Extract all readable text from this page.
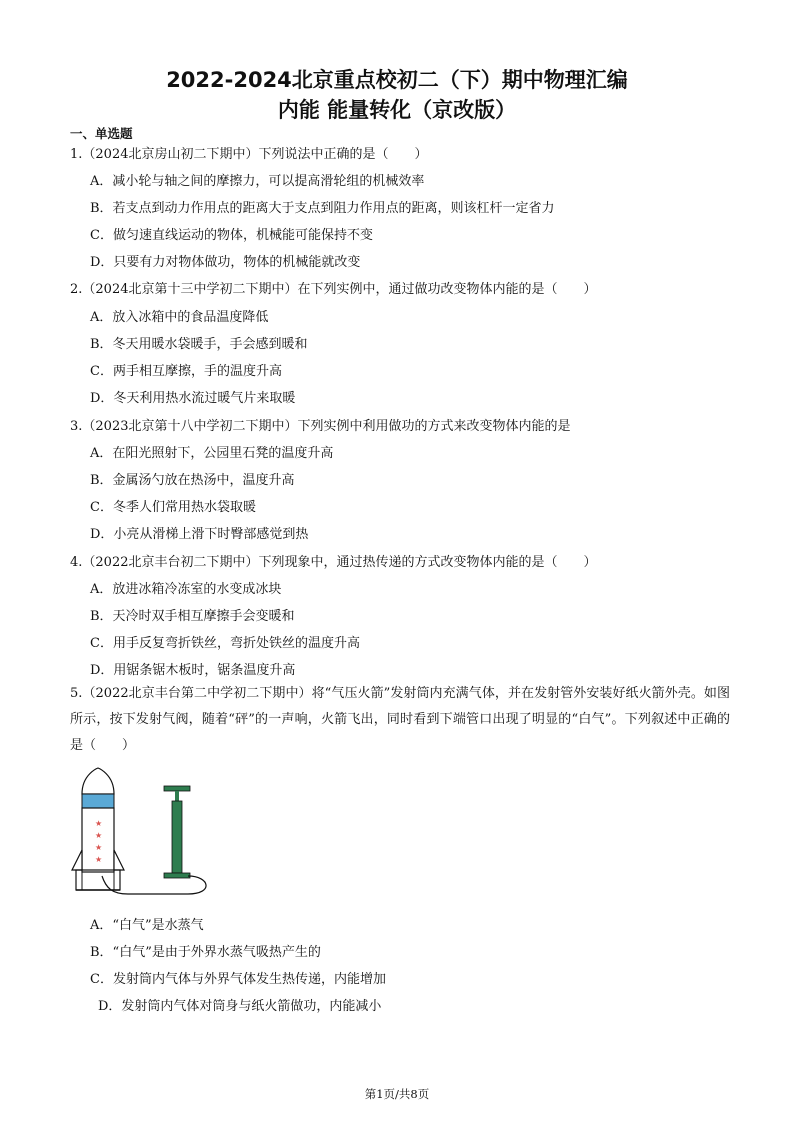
2022-2024北京重点校初二（下）期中物理汇编
内能 能量转化（京改版）
一、单选题
1.（2024北京房山初二下期中）下列说法中正确的是（　　）
A．减小轮与轴之间的摩擦力，可以提高滑轮组的机械效率
B．若支点到动力作用点的距离大于支点到阻力作用点的距离，则该杠杆一定省力
C．做匀速直线运动的物体，机械能可能保持不变
D．只要有力对物体做功，物体的机械能就改变
2.（2024北京第十三中学初二下期中）在下列实例中，通过做功改变物体内能的是（　　）
A．放入冰箱中的食品温度降低
B．冬天用暖水袋暖手，手会感到暖和
C．两手相互摩擦，手的温度升高
D．冬天利用热水流过暖气片来取暖
3.（2023北京第十八中学初二下期中）下列实例中利用做功的方式来改变物体内能的是
A．在阳光照射下，公园里石凳的温度升高
B．金属汤勺放在热汤中，温度升高
C．冬季人们常用热水袋取暖
D．小亮从滑梯上滑下时臀部感觉到热
4.（2022北京丰台初二下期中）下列现象中，通过热传递的方式改变物体内能的是（　　）
A．放进冰箱冷冻室的水变成冰块
B．天冷时双手相互摩擦手会变暖和
C．用手反复弯折铁丝，弯折处铁丝的温度升高
D．用锯条锯木板时，锯条温度升高
5.（2022北京丰台第二中学初二下期中）将“气压火箭”发射筒内充满气体，并在发射管外安装好纸火箭外壳。如图所示，按下发射气阀，随着“砰”的一声响，火箭飞出，同时看到下端管口出现了明显的“白气”。下列叙述中正确的是（　　）
★
★
★
★
A．“白气”是水蒸气
B．“白气”是由于外界水蒸气吸热产生的
C．发射筒内气体与外界气体发生热传递，内能增加
D．发射筒内气体对筒身与纸火箭做功，内能减小
第1页/共8页
